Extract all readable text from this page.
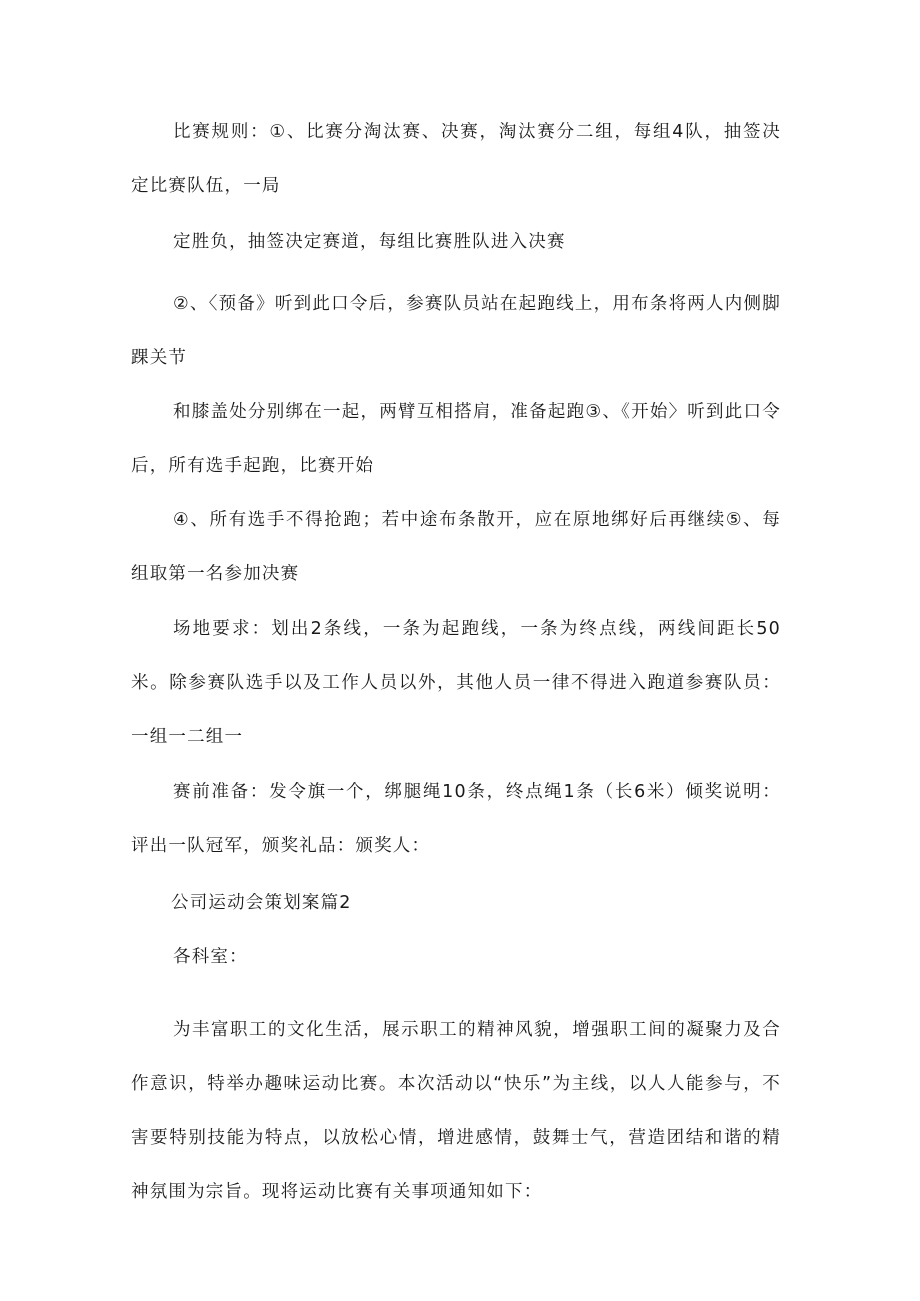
比赛规则：①、比赛分淘汰赛、决赛，淘汰赛分二组，每组4队，抽签决定比赛队伍，一局

定胜负，抽签决定赛道，每组比赛胜队进入决赛

②、〈预备》听到此口令后，参赛队员站在起跑线上，用布条将两人内侧脚踝关节

和膝盖处分别绑在一起，两臂互相搭肩，准备起跑③、《开始〉听到此口令后，所有选手起跑，比赛开始

④、所有选手不得抢跑；若中途布条散开，应在原地绑好后再继续⑤、每组取第一名参加决赛

场地要求：划出2条线，一条为起跑线，一条为终点线，两线间距长50米。除参赛队选手以及工作人员以外，其他人员一律不得进入跑道参赛队员：一组一二组一

赛前准备：发令旗一个，绑腿绳10条，终点绳1条（长6米）倾奖说明：评出一队冠军，颁奖礼品：颁奖人：

公司运动会策划案篇2

各科室：

为丰富职工的文化生活，展示职工的精神风貌，增强职工间的凝聚力及合作意识，特举办趣味运动比赛。本次活动以“快乐”为主线，以人人能参与，不害要特别技能为特点，以放松心情，增进感情，鼓舞士气，营造团结和谐的精神氛围为宗旨。现将运动比赛有关事项通知如下：
